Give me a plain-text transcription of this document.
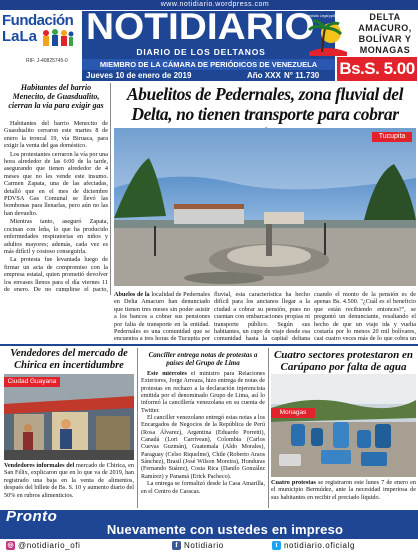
www.notidiario.wordpress.com
Fundación
LaLa
RIF: J-40825745-0
NOTIDIARIO
DIARIO DE LOS DELTANOS
Depósito Legal pp88-5695
MIEMBRO DE LA CÁMARA DE PERIÓDICOS DE VENEZUELA
DELTA
AMACURO,
BOLÍVAR Y
MONAGAS
Jueves 10 de enero de 2019	Año XXX N° 11.730 Bs.S. 5.00
Habitantes del barrio Menecito, de Guasdualito, cierran la vía para exigir gas

Habitantes del barrio Menecito de Guasdualito cerraron este martes 8 de enero la troncal 19, vía Biruaca, para exigir la venta del gas doméstico.

Los protestantes cerraron la vía por una hora alrededor de las 6:00 de la tarde, asegurando que tienen alrededor de 4 meses que no les vende este insumo. Carmen Zapata, una de las afectadas, detalló que en el mes de diciembre PDVSA Gas Comunal se llevó las bombonas para llenarlas, pero aún no las han devuelto.

Mientras tanto, aseguró Zapata, cocinan con leña, lo que ha producido enfermedades respiratorias en niños y adultos mayores; además, cada vez es más difícil y costoso conseguirla.

La protesta fue levantada luego de firmar un acta de compromiso con la empresa estatal, quien prometió devolver los envases llenos para el día viernes 11 de enero. De no cumplirse el pacto,

Abuelitos de Pedernales, zona fluvial del Delta, no tienen transporte para cobrar
Tucupita
Abuelos de la localidad de Pedernales en Delta Amacuro han denunciado que tienen tres meses sin poder asistir a los bancos a cobrar sus pensiones por falta de transporte en la entidad. Pedernales es una comunidad que se encuentra a tres horas de Tucupita por
fluvial, esta característica ha hecho difícil para los ancianos llegar a la ciudad a cobrar su pensión, pues no cuentan con embarcaciones propias ni transporte público. Según sus habitantes, un cupo de viaje desde esa comunidad hasta la capital deltana
cuando el monto de la pensión es de apenas Bs. 4.500. "¿Cuál es el beneficio que están recibiendo entonces?", se preguntó un denunciante, resaltando el hecho de que un viaje ida y vuelta costaría por lo menos 20 mil bolívares, casi cuatro veces más de lo que cobra un
Vendedores del mercado de Chirica en incertidumbre
Ciudad Guayana
Vendedores informales del mercado de Chirica, en San Félix, explicaron que en lo que va de 2019, han registrado una baja en la venta de alimentos, después del billete de Bs. S. 10 y aumento diario del 50% en rubros alimenticios.
Canciller entrega notas de protestas a países del Grupo de Lima

Este miércoles el ministro para Relaciones Exteriores, Jorge Arreaza, hizo entrega de notas de protestas en rechazo a la declaración injerencista emitida por el denominado Grupo de Lima, así lo informó la cancillería venezolana en su cuenta de Twitter.

El canciller venezolano entregó estas notas a los Encargados de Negocios de la República de Perú (Rosa Álvarez), Argentina (Eduardo Porretti), Canadá (Lori Carrivean), Colombia (Carlos Cuevas Guzmán), Guatemala (Aldo Morales), Paraguay (Celso Riquelme), Chile (Roberto Araos Sánchez), Brasil (José Wilson Moreira), Honduras (Fernando Suárez), Costa Rica (Danilo González Ramírez) y Panamá (Erick Pacheco).

La entrega se formalizó desde la Casa Amarilla, en el Centro de Caracas.

Cuatro sectores protestaron en Carúpano por falta de agua
Monagas
Cuatro protestas se registraron este lunes 7 de enero en el municipio Bermúdez, ante la necesidad imperiosa de sus habitantes en recibir el preciado líquido.
Pronto
Nuevamente con ustedes en impreso
◎ @notidiario_ofi	f Notidiario	t notidiario.oficialg
